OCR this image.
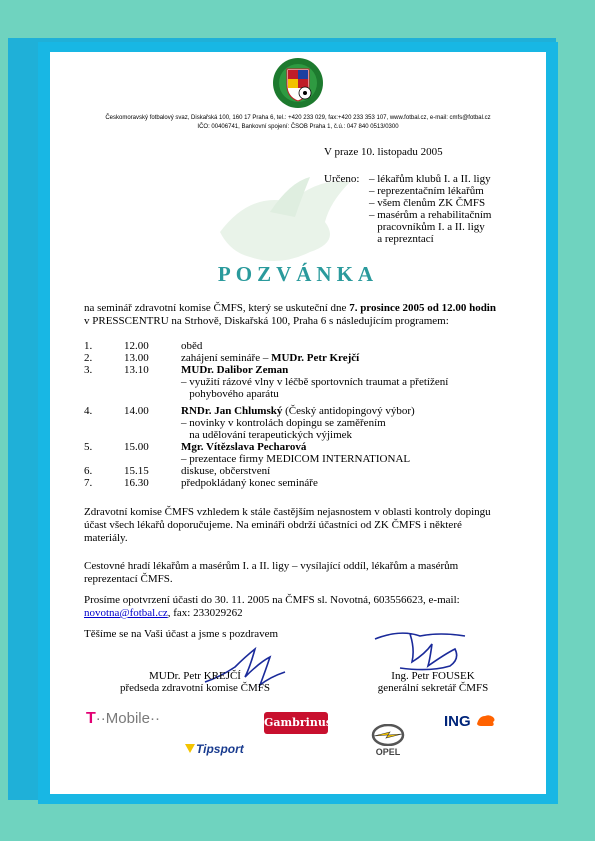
Českomoravský fotbalový svaz, Diskařská 100, 160 17 Praha 6, tel.: +420 233 029, fax:+420 233 353 107, www.fotbal.cz, e-mail: cmfs@fotbal.cz
IČO: 00406741, Bankovní spojení: ČSOB Praha 1, č.ú.: 047 840 0513/0300
V praze 10. listopadu 2005
Určeno: – lékařům klubů I. a II. ligy
– reprezentačním lékařům
– všem členům ZK ČMFS
– masérům a rehabilitačním
pracovníkům I. a II. ligy
a reprezntací
POZVÁNKA
na seminář zdravotní komise ČMFS, který se uskuteční dne 7. prosince 2005 od 12.00 hodin
v PRESSCENTRU na Strhově, Diskařská 100, Praha 6 s následujícím programem:
1.	12.00	oběd
2.	13.00	zahájení semináře – MUDr. Petr Krejčí
3.	13.10	MUDr. Dalibor Zeman
– využití rázové vlny v léčbě sportovních traumat a přetížení
pohybového aparátu
4.	14.00	RNDr. Jan Chlumský (Český antidopingový výbor)
– novinky v kontrolách dopingu se zaměřením
na udělování terapeutických výjimek
5.	15.00	Mgr. Vítězslava Pecharová
– prezentace firmy MEDICOM INTERNATIONAL
6.	15.15	diskuse, občerstvení
7.	16.30	předpokládaný konec semináře
Zdravotní komise ČMFS vzhledem k stále častějším nejasnostem v oblasti kontroly dopingu účast všech lékařů doporučujeme. Na emináři obdrží účastníci od ZK ČMFS i některé materiály.
Cestovné hradí lékařům a masérům I. a II. ligy – vysílající oddíl, lékařům a masérům reprezentací ČMFS.
Prosíme opotvrzení účasti do 30. 11. 2005 na ČMFS sl. Novotná, 603556623, e-mail:
novotna@fotbal.cz, fax: 233029262
Těšíme se na Vaši účast a jsme s pozdravem
MUDr. Petr KREJČÍ
předseda zdravotní komise ČMFS
Ing. Petr FOUSEK
generální sekretář ČMFS
T··Mobile··	Gambrinus
OPEL
ING
Tipsport
